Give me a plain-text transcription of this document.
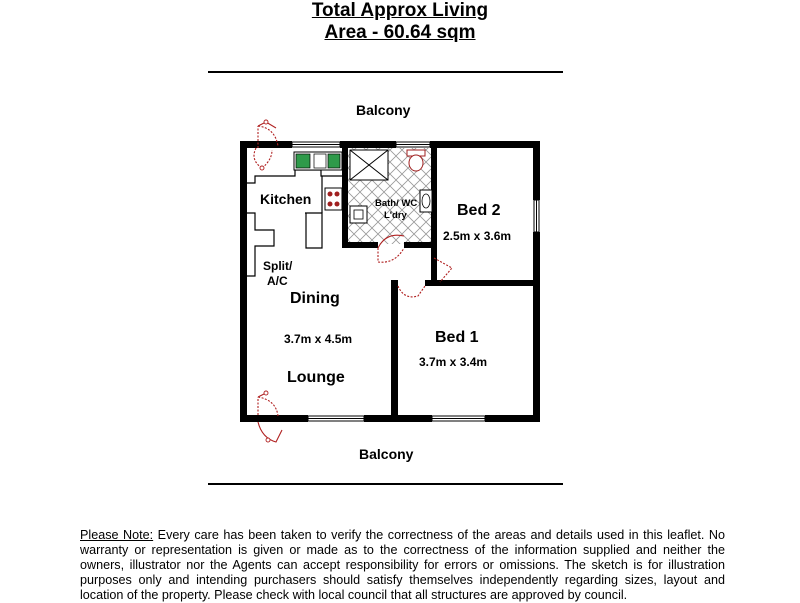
Total Approx Living
Area - 60.64 sqm
Balcony
Kitchen	Bath/ WC
L'dry	Bed 2
2.5m x 3.6m
Split/
A/C
Dining
3.7m x 4.5m
Lounge
Bed 1
3.7m x 3.4m
Balcony
Please Note: Every care has been taken to verify the correctness of the areas and details used in this leaflet. No warranty or representation is given or made as to the correctness of the information supplied and neither the owners, illustrator nor the Agents can accept responsibility for errors or omissions. The sketch is for illustration purposes only and intending purchasers should satisfy themselves independently regarding sizes, layout and location of the property. Please check with local council that all structures are approved by council.
